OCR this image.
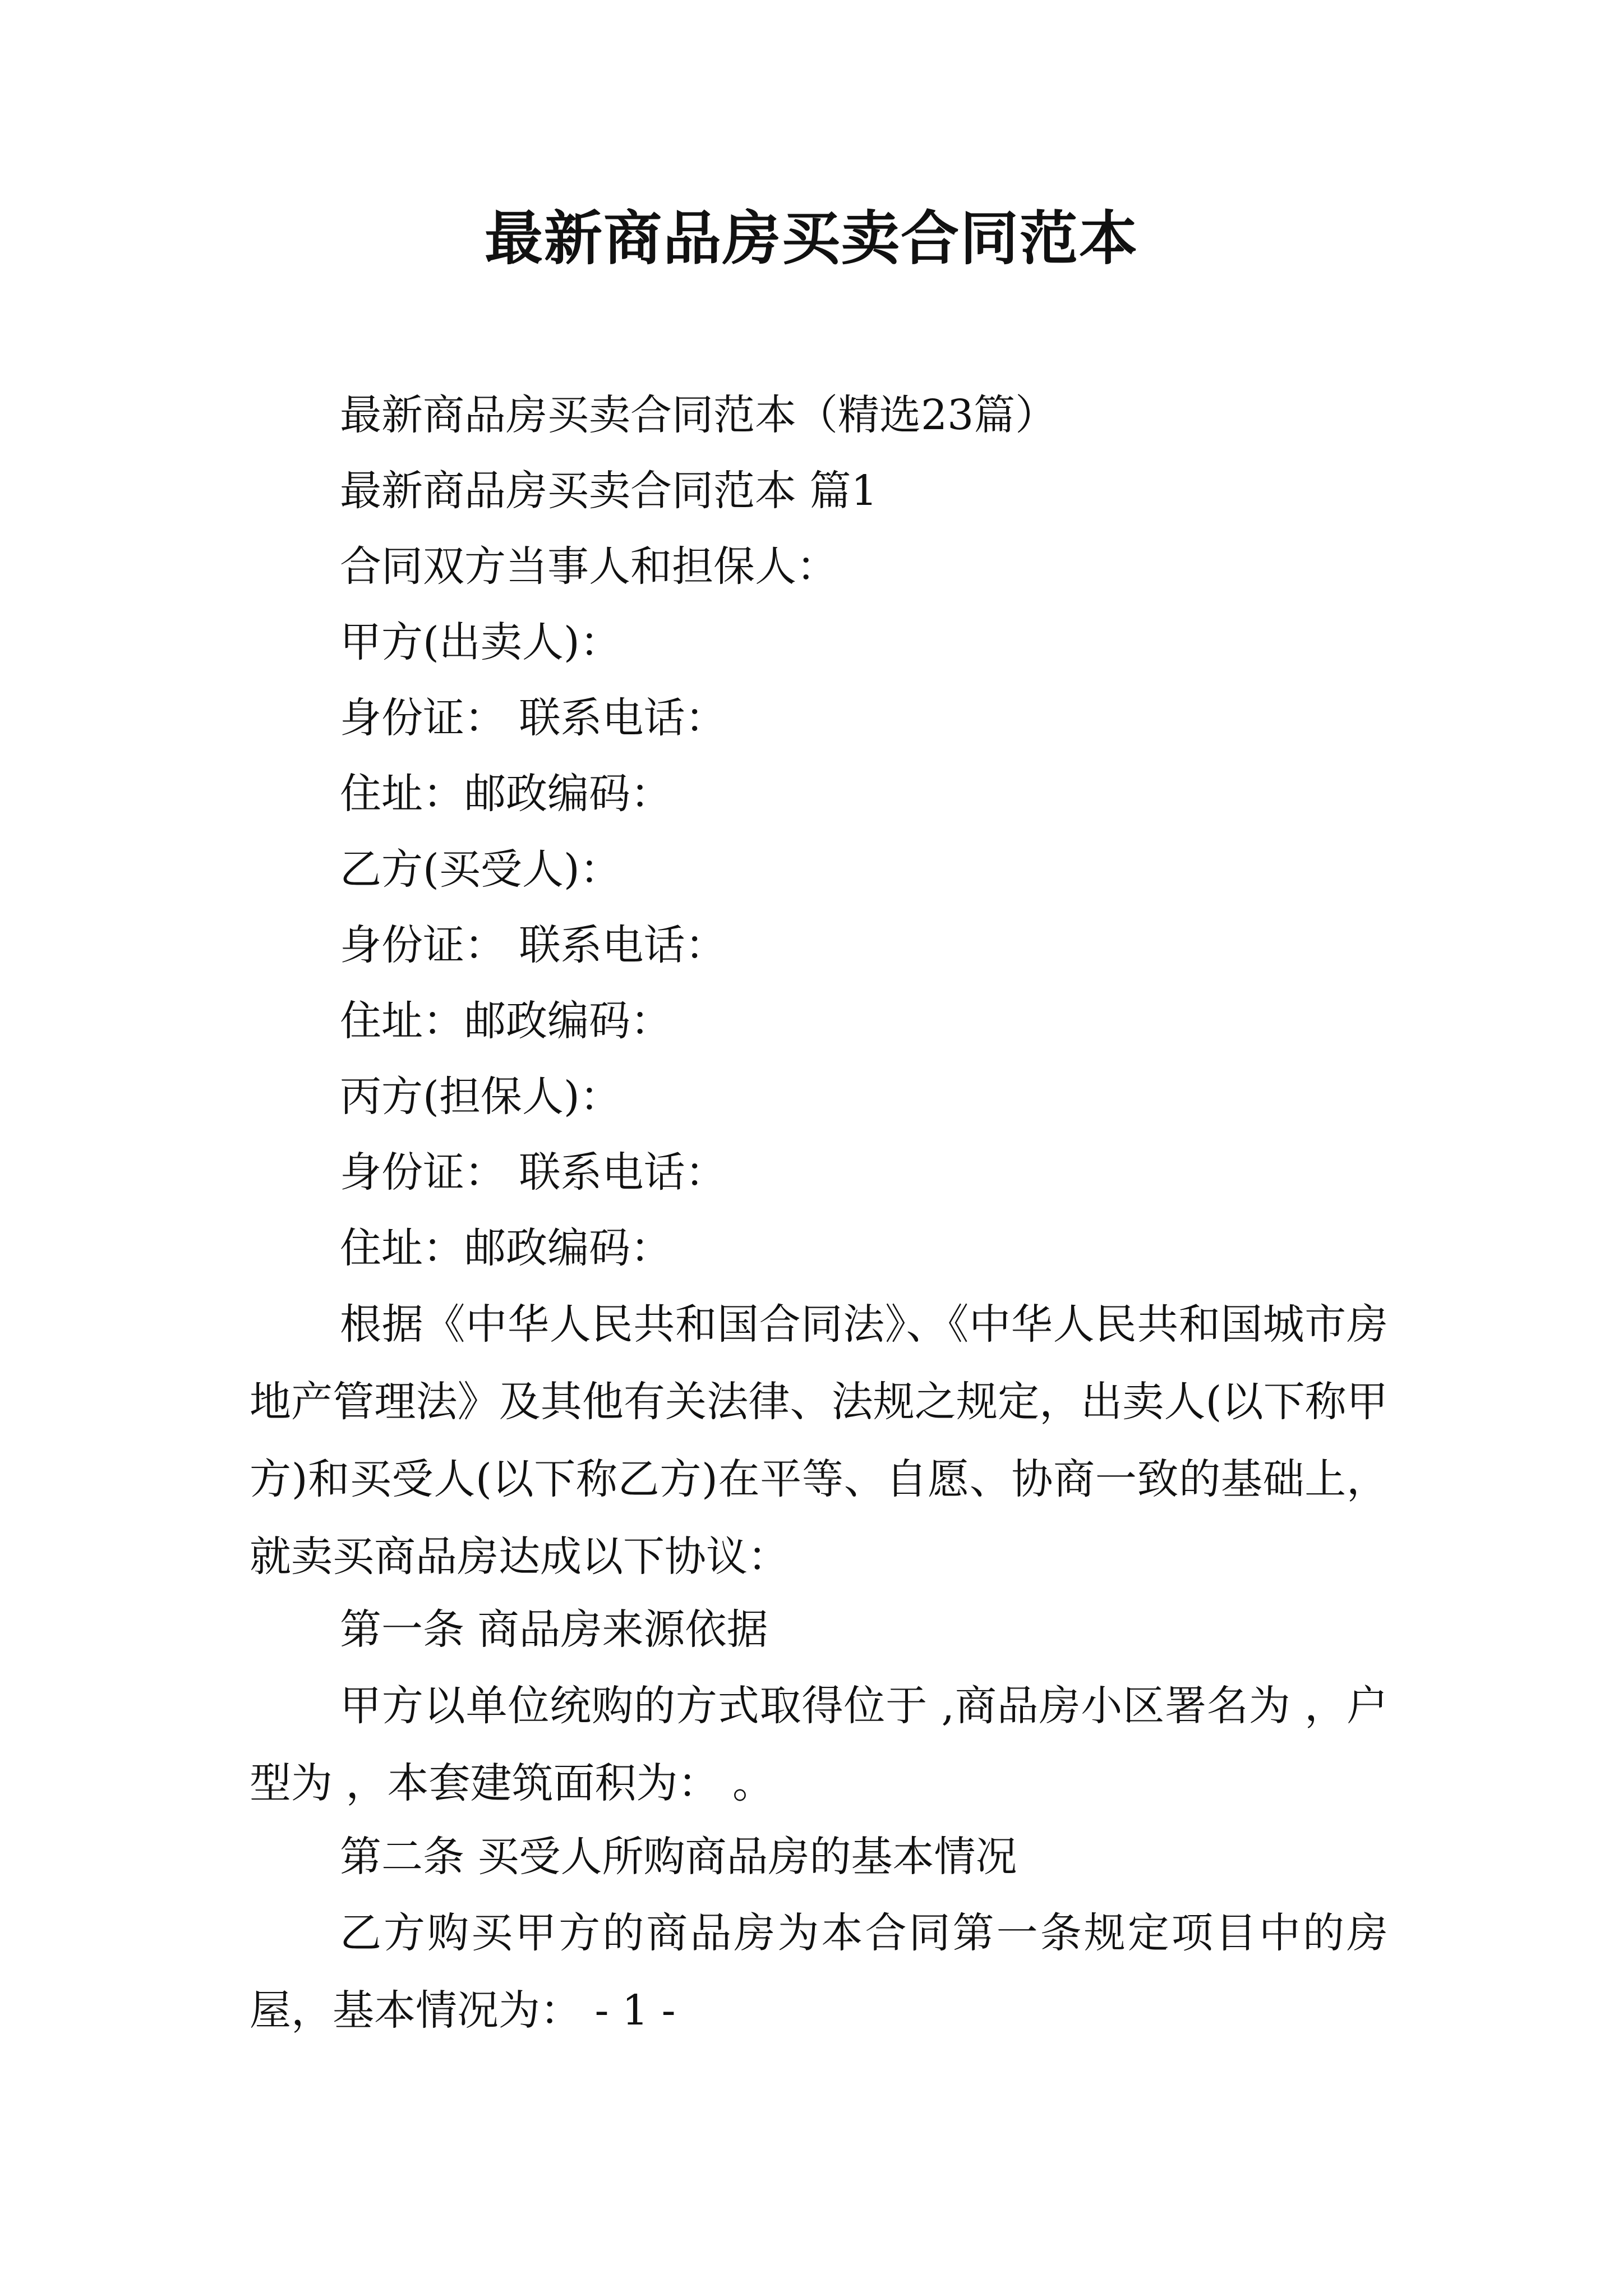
最新商品房买卖合同范本
最新商品房买卖合同范本（精选23篇）
最新商品房买卖合同范本 篇1
合同双方当事人和担保人：
甲方(出卖人)：
身份证： 联系电话：
住址：邮政编码：
乙方(买受人)：
身份证： 联系电话：
住址：邮政编码：
丙方(担保人)：
身份证： 联系电话：
住址：邮政编码：
根据《中华人民共和国合同法》、《中华人民共和国城市房地产管理法》及其他有关法律、法规之规定，出卖人(以下称甲方)和买受人(以下称乙方)在平等、自愿、协商一致的基础上，就卖买商品房达成以下协议：
第一条 商品房来源依据
甲方以单位统购的方式取得位于 ,商品房小区署名为 ，户型为 ，本套建筑面积为： 。
第二条 买受人所购商品房的基本情况
乙方购买甲方的商品房为本合同第一条规定项目中的房屋，基本情况为： - 1 -
